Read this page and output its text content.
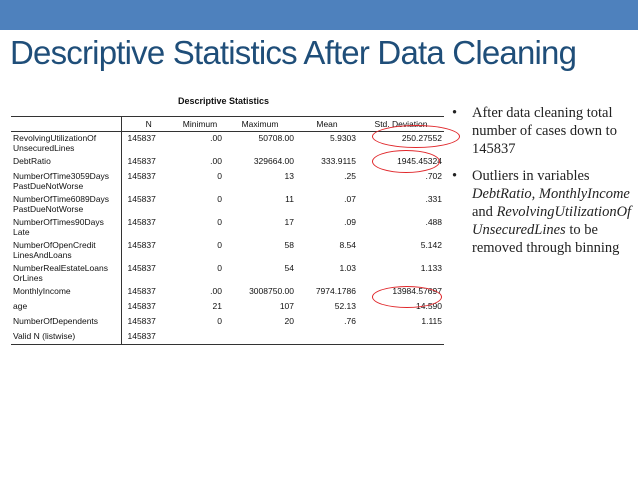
Descriptive Statistics After Data Cleaning
Descriptive Statistics
	N	Minimum	Maximum	Mean	Std. Deviation
RevolvingUtilizationOf UnsecuredLines	145837	.00	50708.00	5.9303	250.27552
DebtRatio	145837	.00	329664.00	333.9115	1945.45324
NumberOfTime3059Days PastDueNotWorse	145837	0	13	.25	.702
NumberOfTime6089Days PastDueNotWorse	145837	0	11	.07	.331
NumberOfTimes90Days Late	145837	0	17	.09	.488
NumberOfOpenCredit LinesAndLoans	145837	0	58	8.54	5.142
NumberRealEstateLoans OrLines	145837	0	54	1.03	1.133
MonthlyIncome	145837	.00	3008750.00	7974.1786	13984.57697
age	145837	21	107	52.13	14.590
NumberOfDependents	145837	0	20	.76	1.115
Valid N (listwise)	145837				
• After data cleaning total number of cases down to 145837
• Outliers in variables DebtRatio, MonthlyIncome and RevolvingUtilizationOf UnsecuredLines to be removed through binning
